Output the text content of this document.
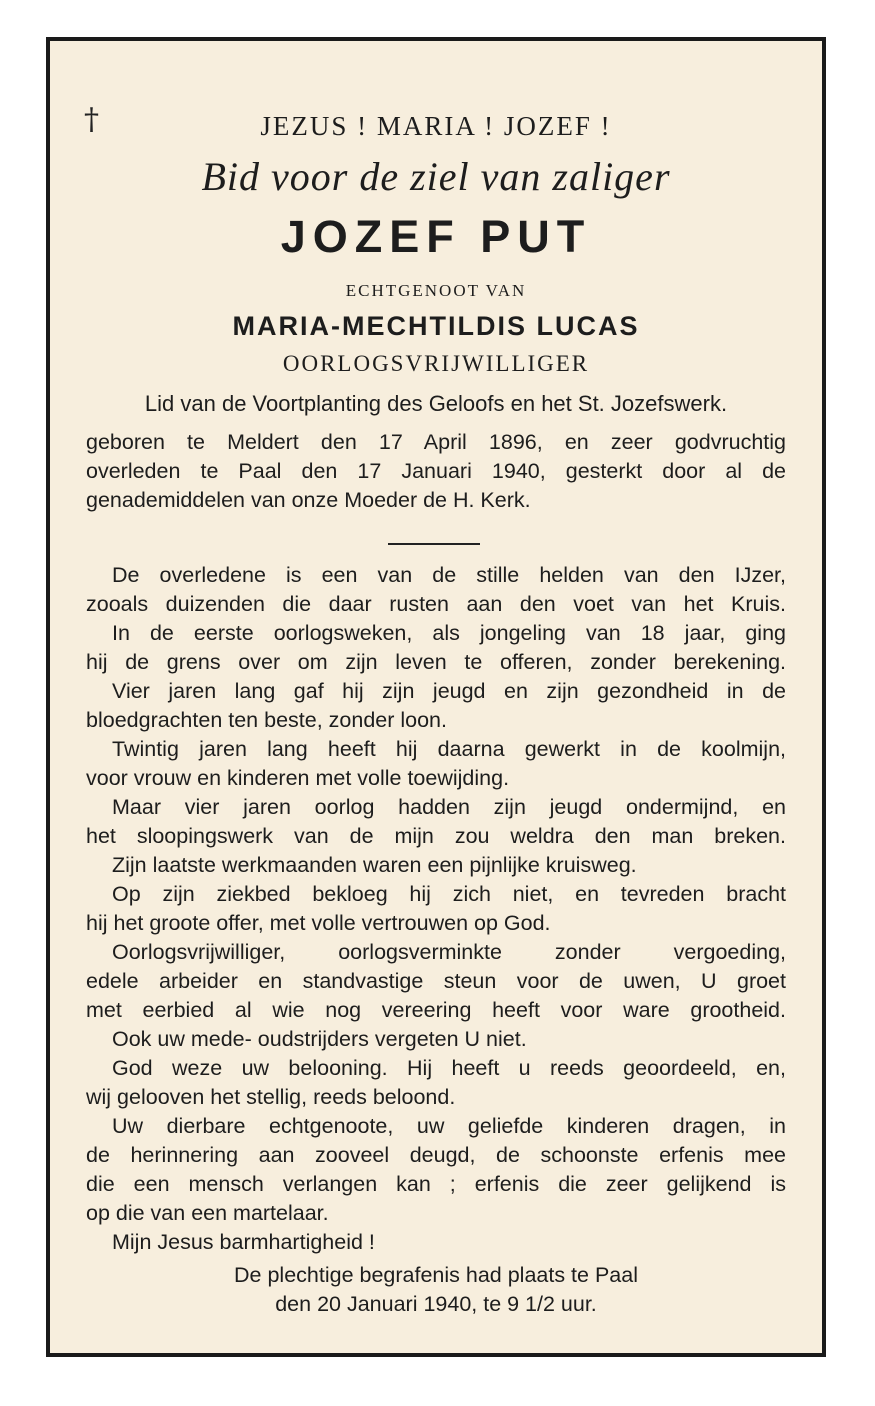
†	JEZUS ! MARIA ! JOZEF !
Bid voor de ziel van zaliger
JOZEF PUT
ECHTGENOOT VAN
MARIA-MECHTILDIS LUCAS
OORLOGSVRIJWILLIGER
Lid van de Voortplanting des Geloofs en het St. Jozefswerk.

geboren te Meldert den 17 April 1896, en zeer godvruchtig
overleden te Paal den 17 Januari 1940, gesterkt door al de
genademiddelen van onze Moeder de H. Kerk.

De overledene is een van de stille helden van den IJzer,
zooals duizenden die daar rusten aan den voet van het Kruis.
In de eerste oorlogsweken, als jongeling van 18 jaar, ging
hij de grens over om zijn leven te offeren, zonder berekening.
Vier jaren lang gaf hij zijn jeugd en zijn gezondheid in de
bloedgrachten ten beste, zonder loon.
Twintig jaren lang heeft hij daarna gewerkt in de koolmijn,
voor vrouw en kinderen met volle toewijding.
Maar vier jaren oorlog hadden zijn jeugd ondermijnd, en
het sloopingswerk van de mijn zou weldra den man breken.
Zijn laatste werkmaanden waren een pijnlijke kruisweg.
Op zijn ziekbed bekloeg hij zich niet, en tevreden bracht
hij het groote offer, met volle vertrouwen op God.
Oorlogsvrijwilliger, oorlogsverminkte zonder vergoeding,
edele arbeider en standvastige steun voor de uwen, U groet
met eerbied al wie nog vereering heeft voor ware grootheid.
Ook uw mede- oudstrijders vergeten U niet.
God weze uw belooning. Hij heeft u reeds geoordeeld, en,
wij gelooven het stellig, reeds beloond.
Uw dierbare echtgenoote, uw geliefde kinderen dragen, in
de herinnering aan zooveel deugd, de schoonste erfenis mee
die een mensch verlangen kan ; erfenis die zeer gelijkend is
op die van een martelaar.
Mijn Jesus barmhartigheid !

De plechtige begrafenis had plaats te Paal
den 20 Januari 1940, te 9 1/2 uur.
